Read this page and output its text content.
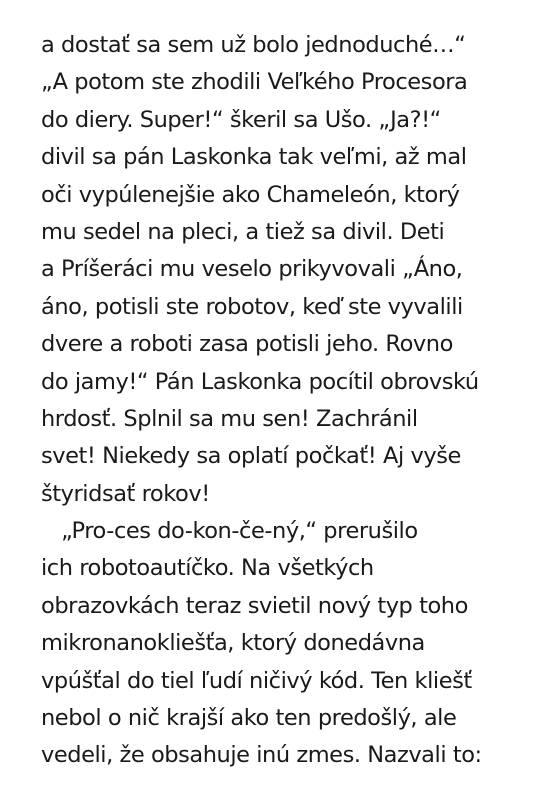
a dostať sa sem už bolo jednoduché…“
„A potom ste zhodili Veľkého Procesora
do diery. Super!“ škeril sa Ušo. „Ja?!“
divil sa pán Laskonka tak veľmi, až mal
oči vypúlenejšie ako Chameleón, ktorý
mu sedel na pleci, a tiež sa divil. Deti
a Príšeráci mu veselo prikyvovali „Áno,
áno, potisli ste robotov, keď ste vyvalili
dvere a roboti zasa potisli jeho. Rovno
do jamy!“ Pán Laskonka pocítil obrovskú
hrdosť. Splnil sa mu sen! Zachránil
svet! Niekedy sa oplatí počkať! Aj vyše
štyridsať rokov!
„Pro-ces do-kon-če-ný,“ prerušilo
ich robotoautíčko. Na všetkých
obrazovkách teraz svietil nový typ toho
mikronanokliešťa, ktorý donedávna
vpúšťal do tiel ľudí ničivý kód. Ten kliešť
nebol o nič krajší ako ten predošlý, ale
vedeli, že obsahuje inú zmes. Nazvali to:
